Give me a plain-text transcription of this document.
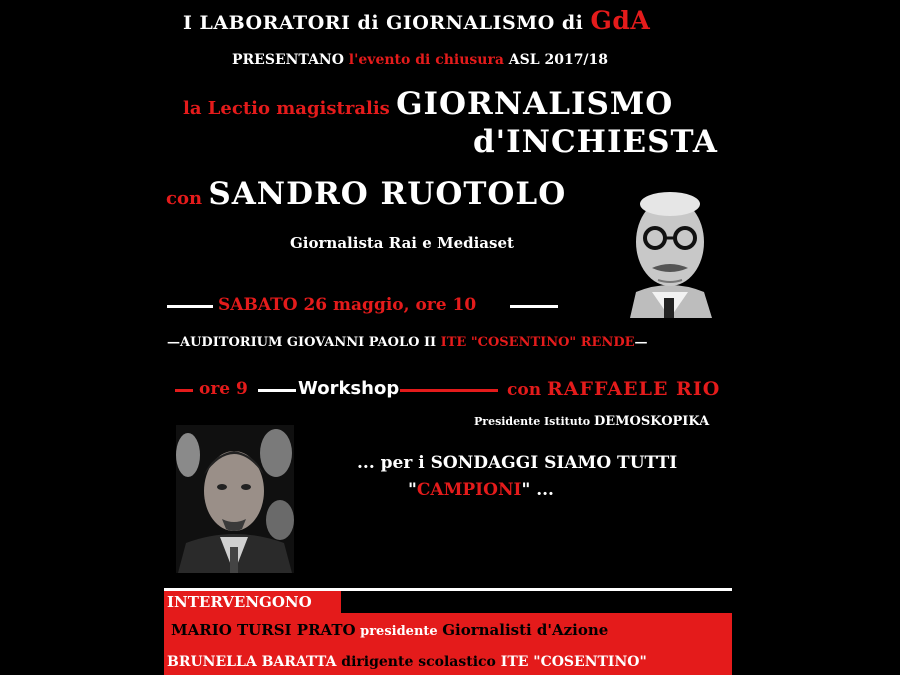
I LABORATORI di GIORNALISMO di GdA
PRESENTANO l'evento di chiusura ASL 2017/18
la Lectio magistralis GIORNALISMO
d'INCHIESTA
con SANDRO RUOTOLO
Giornalista Rai e Mediaset
SABATO 26 maggio, ore 10
—AUDITORIUM GIOVANNI PAOLO II ITE "COSENTINO" RENDE—
ore 9	Workshop	con RAFFAELE RIO
Presidente Istituto DEMOSKOPIKA
... per i SONDAGGI SIAMO TUTTI
"CAMPIONI" ...
INTERVENGONO
MARIO TURSI PRATO presidente Giornalisti d'Azione
BRUNELLA BARATTA dirigente scolastico ITE "COSENTINO"
